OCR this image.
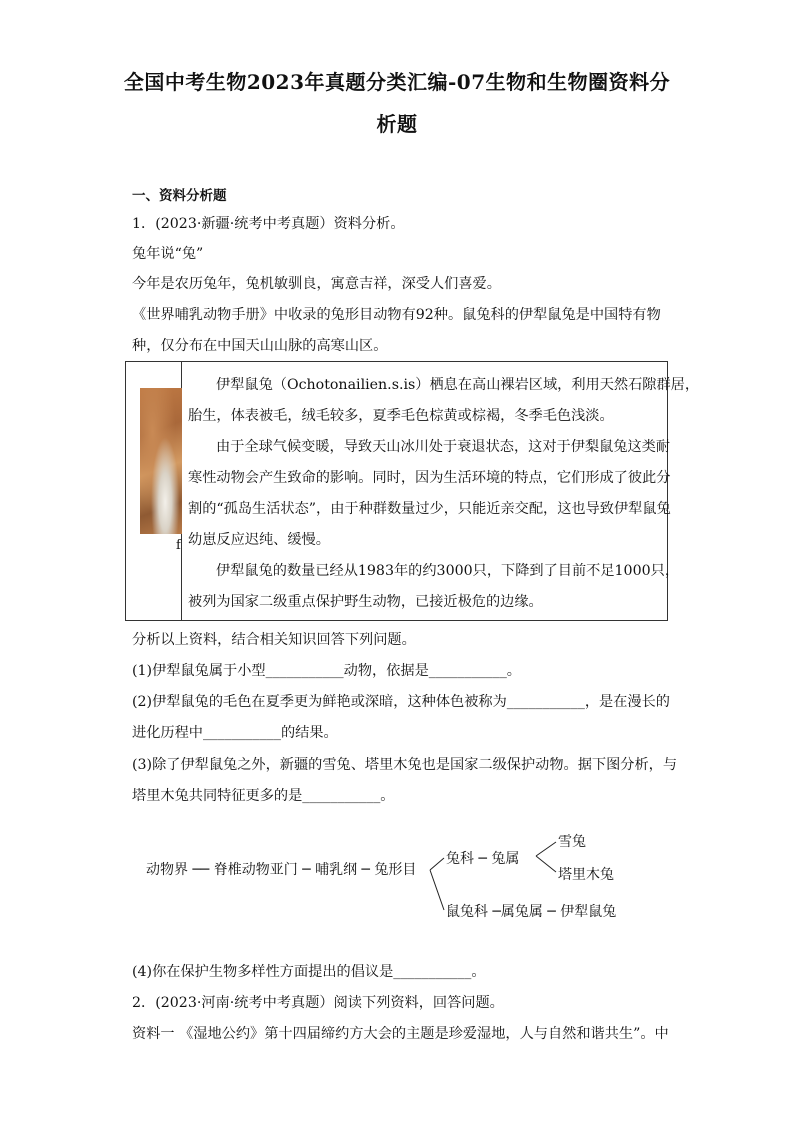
全国中考生物2023年真题分类汇编-07生物和生物圈资料分
析题
一、资料分析题
1．(2023·新疆·统考中考真题）资料分析。
兔年说“兔”
今年是农历兔年，兔机敏驯良，寓意吉祥，深受人们喜爱。
《世界哺乳动物手册》中收录的兔形目动物有92种。鼠兔科的伊犁鼠兔是中国特有物
种，仅分布在中国天山山脉的高寒山区。
f
伊犁鼠兔（Ochotonailien.s.is）栖息在高山裸岩区域，利用天然石隙群居，
胎生，体表被毛，绒毛较多，夏季毛色棕黄或棕褐，冬季毛色浅淡。
由于全球气候变暖，导致天山冰川处于衰退状态，这对于伊梨鼠兔这类耐
寒性动物会产生致命的影响。同时，因为生活环境的特点，它们形成了彼此分
割的“孤岛生活状态”，由于种群数量过少，只能近亲交配，这也导致伊犁鼠兔
幼崽反应迟纯、缓慢。
伊犁鼠兔的数量已经从1983年的约3000只，下降到了目前不足1000只，
被列为国家二级重点保护野生动物，已接近极危的边缘。
分析以上资料，结合相关知识回答下列问题。
(1)伊犁鼠兔属于小型___________动物，依据是___________。
(2)伊犁鼠兔的毛色在夏季更为鲜艳或深暗，这种体色被称为___________，是在漫长的
进化历程中___________的结果。
(3)除了伊犁鼠兔之外，新疆的雪兔、塔里木兔也是国家二级保护动物。据下图分析，与
塔里木兔共同特征更多的是___________。
动物界 ── 脊椎动物亚门 ─ 哺乳纲 ─ 兔形目
兔科 ─ 兔属
雪兔
塔里木兔
鼠兔科 ─属兔属 ─ 伊犁鼠兔
(4)你在保护生物多样性方面提出的倡议是___________。
2．(2023·河南·统考中考真题）阅读下列资料，回答问题。
资料一 《湿地公约》第十四届缔约方大会的主题是珍爱湿地，人与自然和谐共生”。中
